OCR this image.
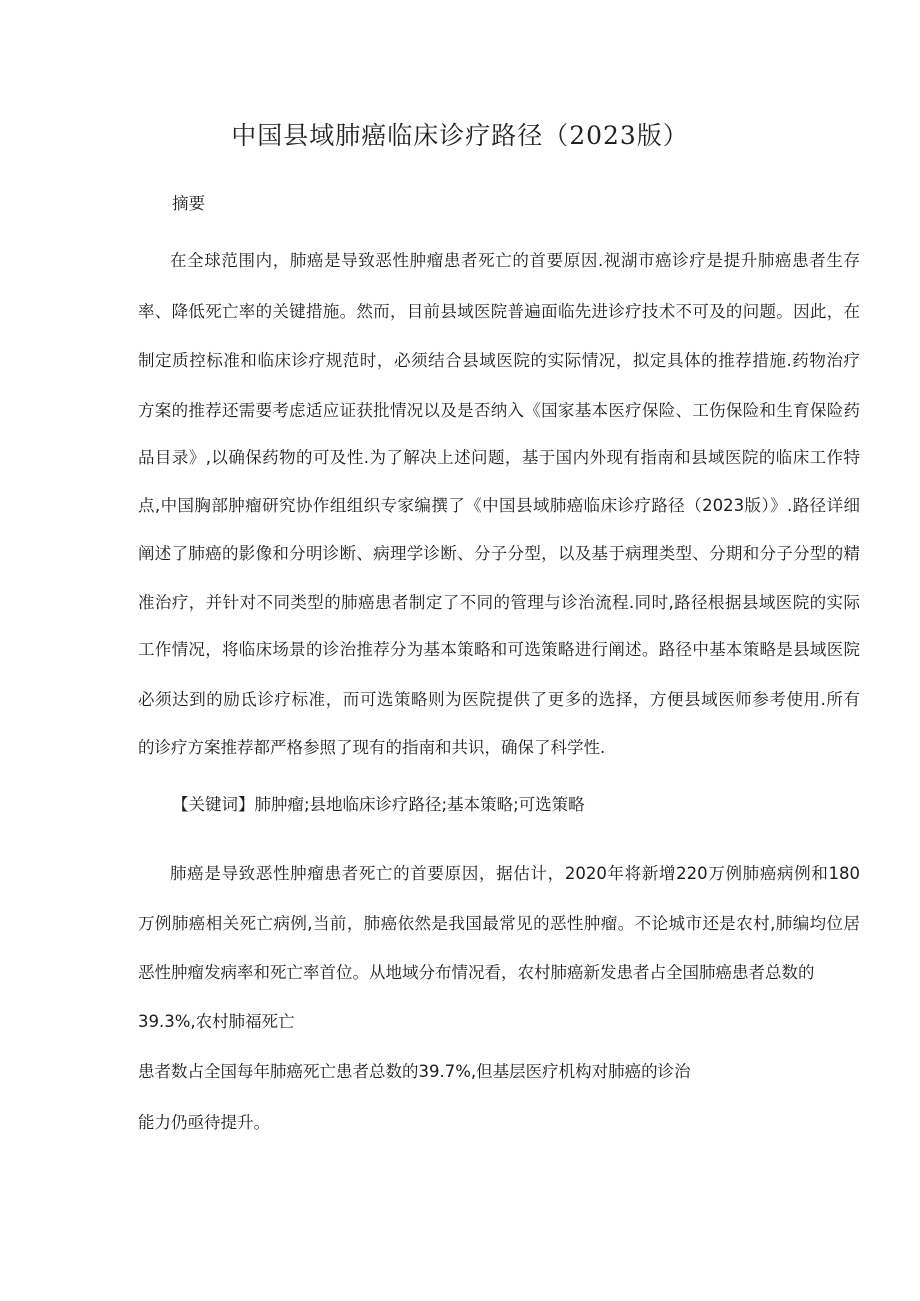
中国县域肺癌临床诊疗路径（2023版）
摘要
在全球范围内，肺癌是导致恶性肿瘤患者死亡的首要原因.视湖市癌诊疗是提升肺癌患者生存
率、降低死亡率的关键措施。然而，目前县域医院普遍面临先进诊疗技术不可及的问题。因此，在
制定质控标准和临床诊疗规范时，必须结合县域医院的实际情况，拟定具体的推荐措施.药物治疗
方案的推荐还需要考虑适应证获批情况以及是否纳入《国家基本医疗保险、工伤保险和生育保险药
品目录》,以确保药物的可及性.为了解决上述问题，基于国内外现有指南和县域医院的临床工作特
点,中国胸部肿瘤研究协作组组织专家编撰了《中国县域肺癌临床诊疗路径（2023版）》.路径详细
阐述了肺癌的影像和分明诊断、病理学诊断、分子分型，以及基于病理类型、分期和分子分型的精
准治疗，并针对不同类型的肺癌患者制定了不同的管理与诊治流程.同时,路径根据县域医院的实际
工作情况，将临床场景的诊治推荐分为基本策略和可选策略进行阐述。路径中基本策略是县域医院
必须达到的励氐诊疗标准，而可选策略则为医院提供了更多的选择，方便县域医师参考使用.所有
的诊疗方案推荐都严格参照了现有的指南和共识，确保了科学性.
【关键词】肺肿瘤;县地临床诊疗路径;基本策略;可选策略
肺癌是导致恶性肿瘤患者死亡的首要原因，据估计，2020年将新增220万例肺癌病例和180
万例肺癌相关死亡病例,当前，肺癌依然是我国最常见的恶性肿瘤。不论城市还是农村,肺编均位居
恶性肿瘤发病率和死亡率首位。从地域分布情况看，农村肺癌新发患者占全国肺癌患者总数的
39.3%,农村肺福死亡
患者数占全国每年肺癌死亡患者总数的39.7%,但基层医疗机构对肺癌的诊治
能力仍亟待提升。
